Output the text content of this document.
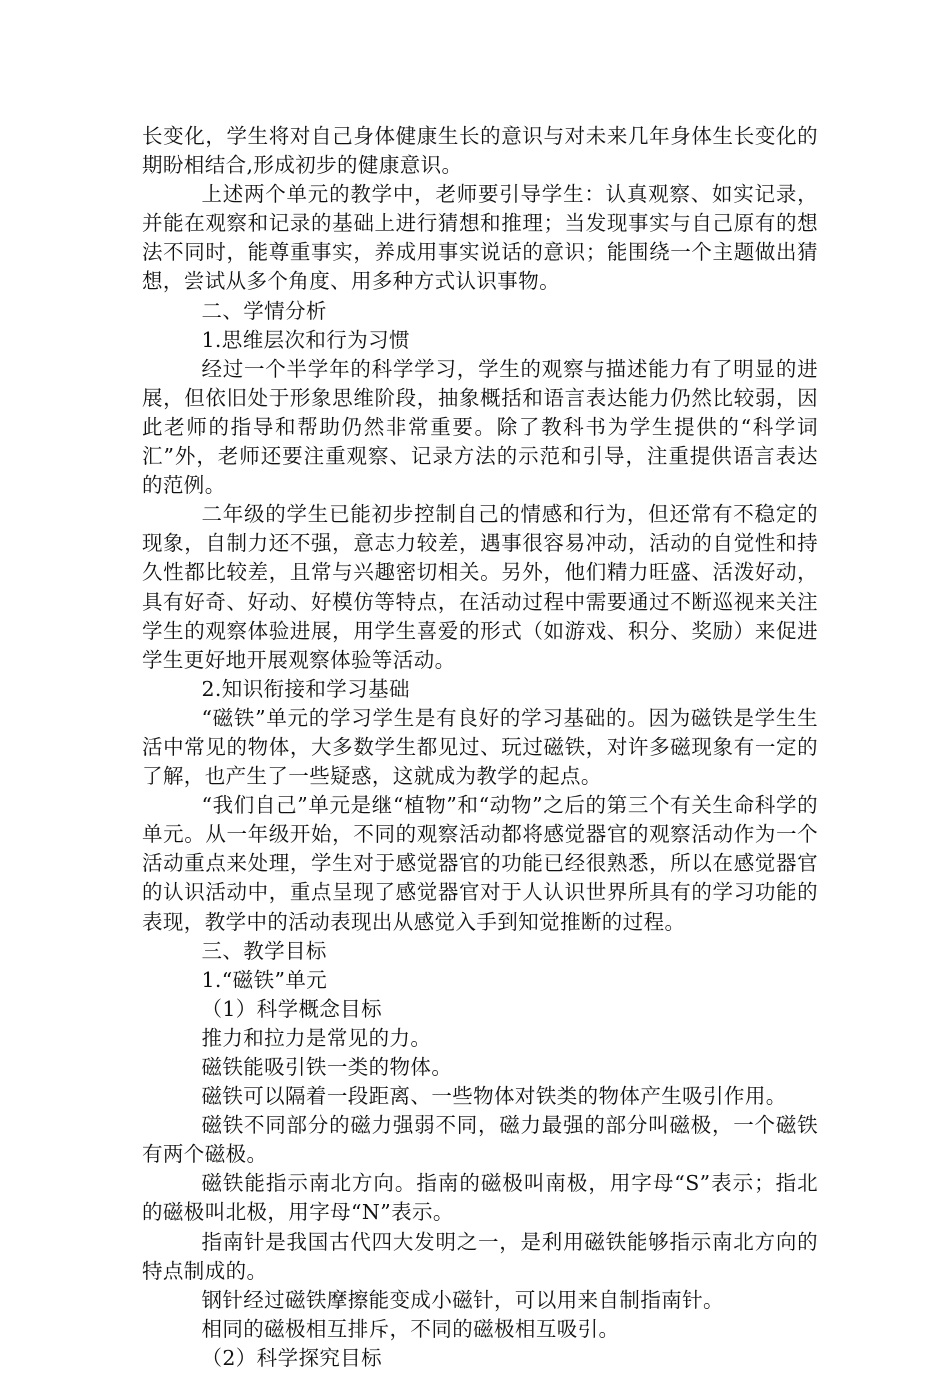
长变化，学生将对自己身体健康生长的意识与对未来几年身体生长变化的期盼相结合,形成初步的健康意识。

上述两个单元的教学中，老师要引导学生：认真观察、如实记录，并能在观察和记录的基础上进行猜想和推理；当发现事实与自己原有的想法不同时，能尊重事实，养成用事实说话的意识；能围绕一个主题做出猜想，尝试从多个角度、用多种方式认识事物。

二、学情分析

1.思维层次和行为习惯

经过一个半学年的科学学习，学生的观察与描述能力有了明显的进展，但依旧处于形象思维阶段，抽象概括和语言表达能力仍然比较弱，因此老师的指导和帮助仍然非常重要。除了教科书为学生提供的“科学词汇”外，老师还要注重观察、记录方法的示范和引导，注重提供语言表达的范例。

二年级的学生已能初步控制自己的情感和行为，但还常有不稳定的现象，自制力还不强，意志力较差，遇事很容易冲动，活动的自觉性和持久性都比较差，且常与兴趣密切相关。另外，他们精力旺盛、活泼好动，具有好奇、好动、好模仿等特点，在活动过程中需要通过不断巡视来关注学生的观察体验进展，用学生喜爱的形式（如游戏、积分、奖励）来促进学生更好地开展观察体验等活动。

2.知识衔接和学习基础

“磁铁”单元的学习学生是有良好的学习基础的。因为磁铁是学生生活中常见的物体，大多数学生都见过、玩过磁铁，对许多磁现象有一定的了解，也产生了一些疑惑，这就成为教学的起点。

“我们自己”单元是继“植物”和“动物”之后的第三个有关生命科学的单元。从一年级开始，不同的观察活动都将感觉器官的观察活动作为一个活动重点来处理，学生对于感觉器官的功能已经很熟悉，所以在感觉器官的认识活动中，重点呈现了感觉器官对于人认识世界所具有的学习功能的表现，教学中的活动表现出从感觉入手到知觉推断的过程。

三、教学目标

1.“磁铁”单元

（1）科学概念目标

推力和拉力是常见的力。

磁铁能吸引铁一类的物体。

磁铁可以隔着一段距离、一些物体对铁类的物体产生吸引作用。

磁铁不同部分的磁力强弱不同，磁力最强的部分叫磁极，一个磁铁有两个磁极。

磁铁能指示南北方向。指南的磁极叫南极，用字母“S”表示；指北的磁极叫北极，用字母“N”表示。

指南针是我国古代四大发明之一，是利用磁铁能够指示南北方向的特点制成的。

钢针经过磁铁摩擦能变成小磁针，可以用来自制指南针。

相同的磁极相互排斥，不同的磁极相互吸引。

（2）科学探究目标
